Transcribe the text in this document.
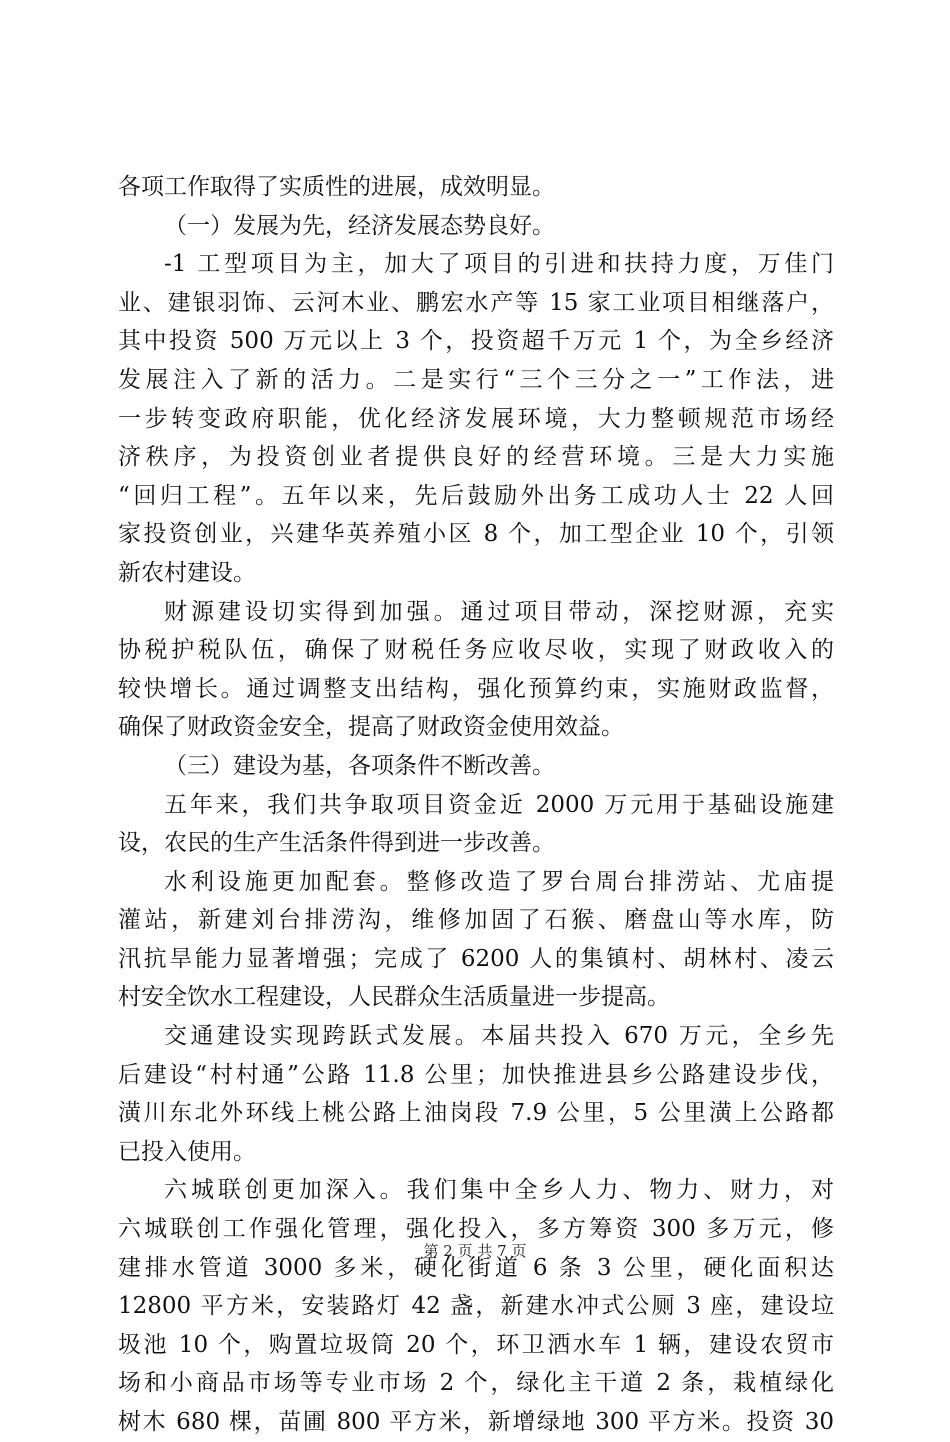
各项工作取得了实质性的进展，成效明显。
（一）发展为先，经济发展态势良好。
-1 工型项目为主，加大了项目的引进和扶持力度，万佳门
业、建银羽饰、云河木业、鹏宏水产等 15 家工业项目相继落户，
其中投资 500 万元以上 3 个，投资超千万元 1 个，为全乡经济
发展注入了新的活力。二是实行“三个三分之一”工作法，进
一步转变政府职能，优化经济发展环境，大力整顿规范市场经
济秩序，为投资创业者提供良好的经营环境。三是大力实施
“回归工程”。五年以来，先后鼓励外出务工成功人士 22 人回
家投资创业，兴建华英养殖小区 8 个，加工型企业 10 个，引领
新农村建设。
财源建设切实得到加强。通过项目带动，深挖财源，充实
协税护税队伍，确保了财税任务应收尽收，实现了财政收入的
较快增长。通过调整支出结构，强化预算约束，实施财政监督，
确保了财政资金安全，提高了财政资金使用效益。
（三）建设为基，各项条件不断改善。
五年来，我们共争取项目资金近 2000 万元用于基础设施建
设，农民的生产生活条件得到进一步改善。
水利设施更加配套。整修改造了罗台周台排涝站、尤庙提
灌站，新建刘台排涝沟，维修加固了石猴、磨盘山等水库，防
汛抗旱能力显著增强；完成了 6200 人的集镇村、胡林村、凌云
村安全饮水工程建设，人民群众生活质量进一步提高。
交通建设实现跨跃式发展。本届共投入 670 万元，全乡先
后建设“村村通”公路 11.8 公里；加快推进县乡公路建设步伐，
潢川东北外环线上桃公路上油岗段 7.9 公里，5 公里潢上公路都
已投入使用。
六城联创更加深入。我们集中全乡人力、物力、财力，对
六城联创工作强化管理，强化投入，多方筹资 300 多万元，修
建排水管道 3000 多米，硬化街道 6 条 3 公里，硬化面积达
12800 平方米，安装路灯 42 盏，新建水冲式公厕 3 座，建设垃
圾池 10 个，购置垃圾筒 20 个，环卫洒水车 1 辆，建设农贸市
场和小商品市场等专业市场 2 个，绿化主干道 2 条，栽植绿化
树木 680 棵，苗圃 800 平方米，新增绿地 300 平方米。投资 30
第 2 页 共 7 页
